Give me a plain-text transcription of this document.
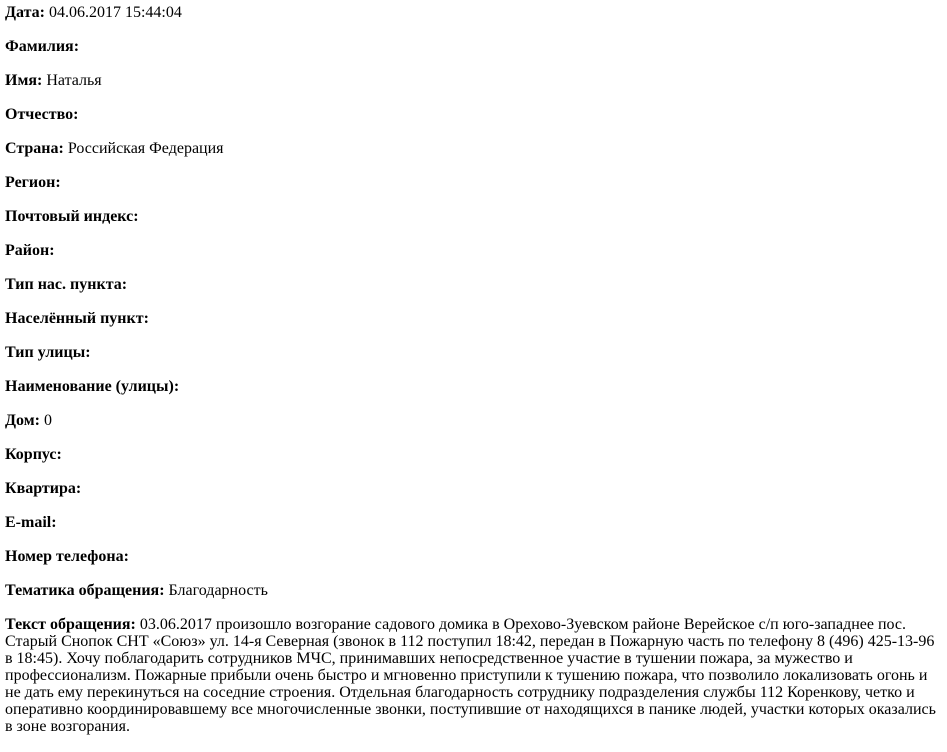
Дата: 04.06.2017 15:44:04
Фамилия:
Имя: Наталья
Отчество:
Страна: Российская Федерация
Регион:
Почтовый индекс:
Район:
Тип нас. пункта:
Населённый пункт:
Тип улицы:
Наименование (улицы):
Дом: 0
Корпус:
Квартира:
E-mail:
Номер телефона:
Тематика обращения: Благодарность
Текст обращения: 03.06.2017 произошло возгорание садового домика в Орехово-Зуевском районе Верейское с/п юго-западнее пос. Старый Снопок СНТ «Союз» ул. 14-я Северная (звонок в 112 поступил 18:42, передан в Пожарную часть по телефону 8 (496) 425-13-96 в 18:45). Хочу поблагодарить сотрудников МЧС, принимавших непосредственное участие в тушении пожара, за мужество и профессионализм. Пожарные прибыли очень быстро и мгновенно приступили к тушению пожара, что позволило локализовать огонь и не дать ему перекинуться на соседние строения. Отдельная благодарность сотруднику подразделения службы 112 Коренкову, четко и оперативно координировавшему все многочисленные звонки, поступившие от находящихся в панике людей, участки которых оказались в зоне возгорания.
